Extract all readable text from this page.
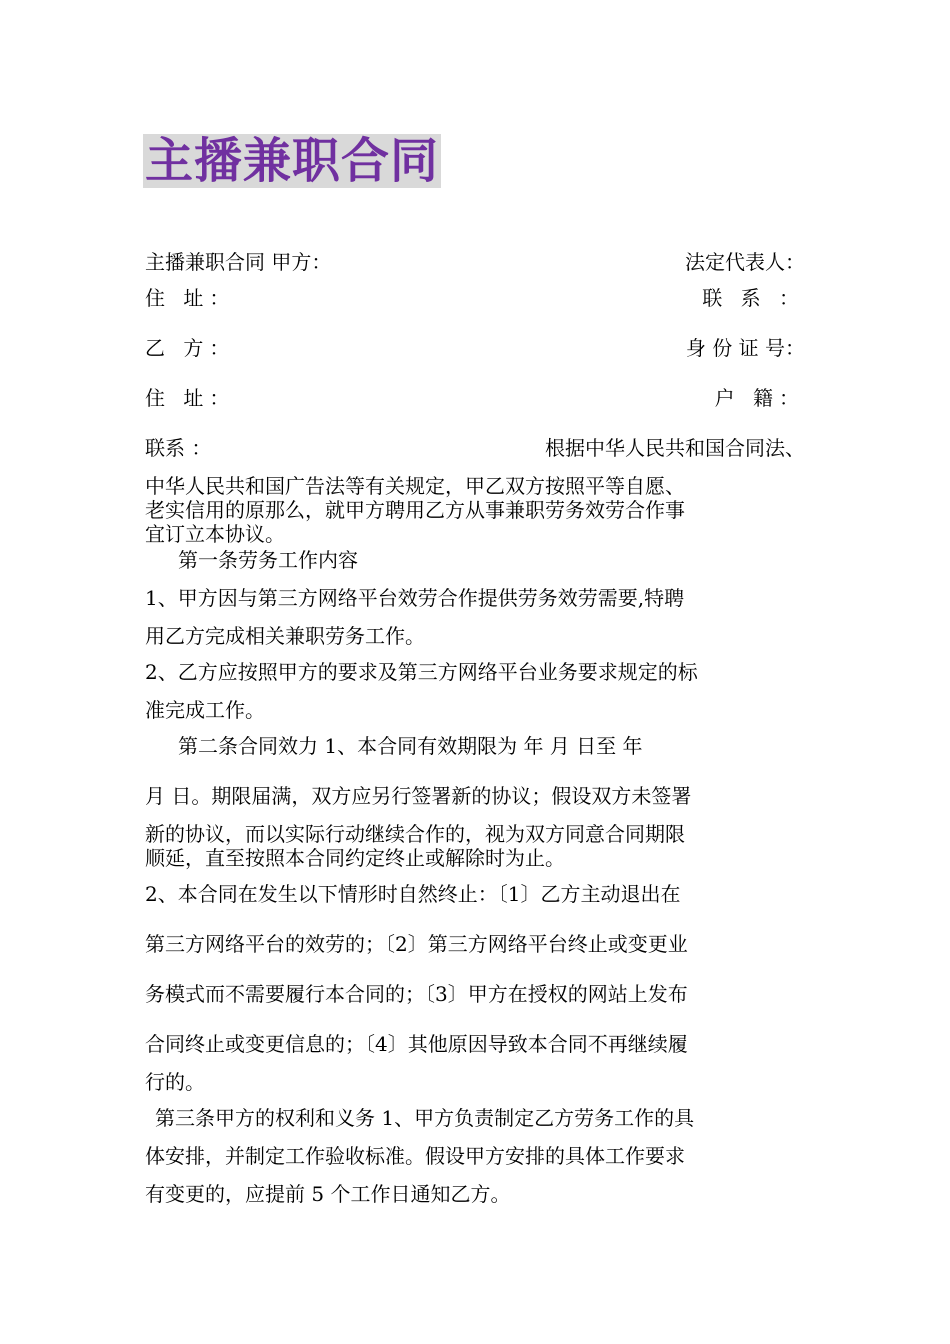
主播兼职合同
主播兼职合同 甲方：	法定代表人：
住 址：	联 系 ：
乙 方：	身 份 证 号：
住 址：	户 籍：
联系 ：	根据中华人民共和国合同法、
中华人民共和国广告法等有关规定，甲乙双方按照平等自愿、
老实信用的原那么，就甲方聘用乙方从事兼职劳务效劳合作事
宜订立本协议。
第一条劳务工作内容
1、甲方因与第三方网络平台效劳合作提供劳务效劳需要,特聘
用乙方完成相关兼职劳务工作。
2、乙方应按照甲方的要求及第三方网络平台业务要求规定的标
准完成工作。
第二条合同效力 1、本合同有效期限为 年 月 日至 年
月 日。期限届满，双方应另行签署新的协议；假设双方未签署
新的协议，而以实际行动继续合作的，视为双方同意合同期限
顺延，直至按照本合同约定终止或解除时为止。
2、本合同在发生以下情形时自然终止：〔1〕乙方主动退出在
第三方网络平台的效劳的；〔2〕第三方网络平台终止或变更业
务模式而不需要履行本合同的；〔3〕甲方在授权的网站上发布
合同终止或变更信息的；〔4〕其他原因导致本合同不再继续履
行的。
第三条甲方的权利和义务 1、甲方负责制定乙方劳务工作的具
体安排，并制定工作验收标准。假设甲方安排的具体工作要求
有变更的，应提前 5 个工作日通知乙方。
